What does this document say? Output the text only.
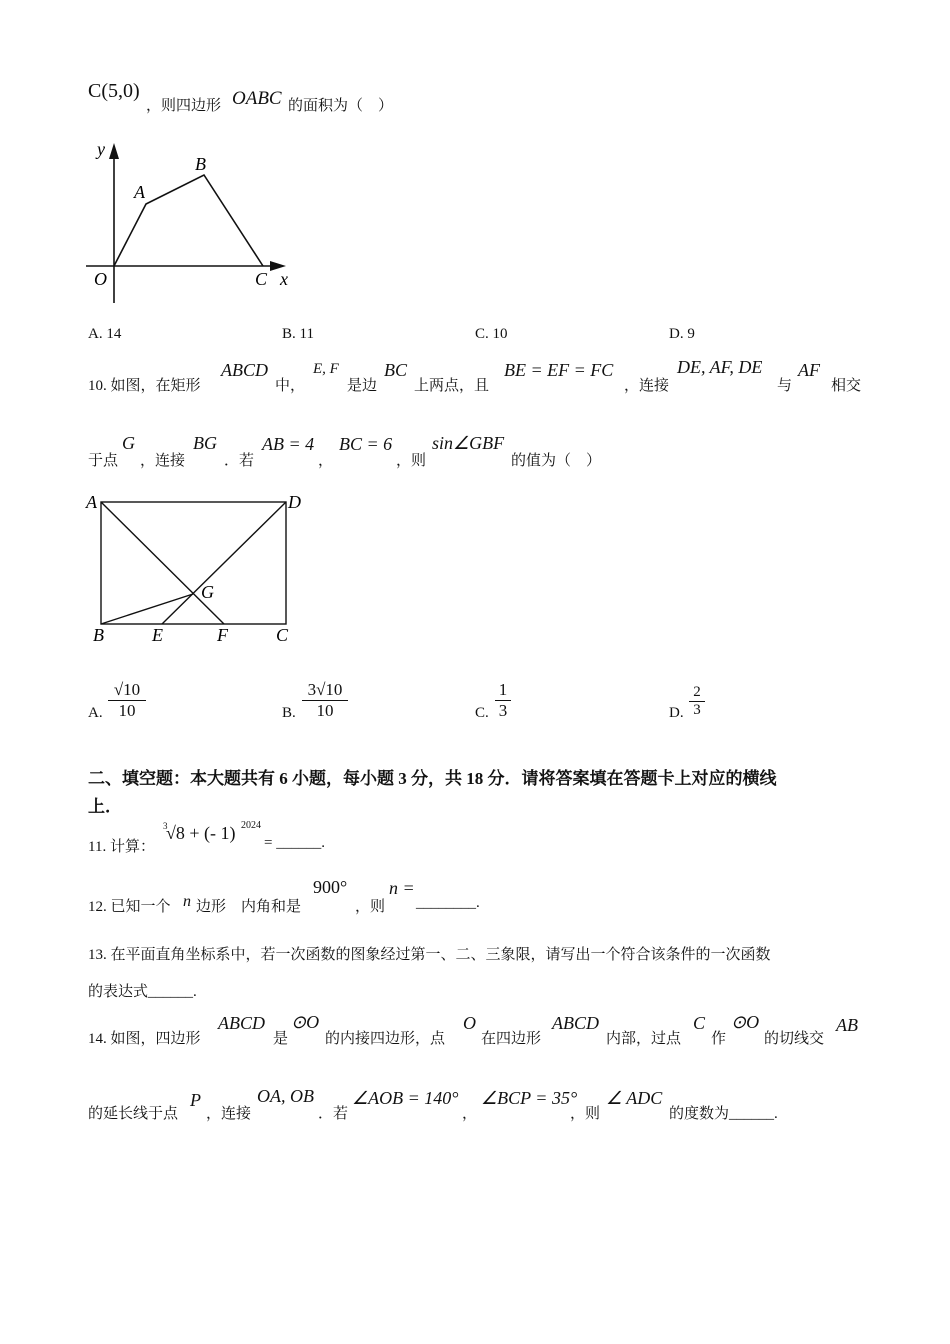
C(5,0)
，则四边形 OABC 的面积为（　）
y
x
O
A
B
C
A. 14	B. 11	C. 10	D. 9
10. 如图，在矩形
ABCD
中，
E, F
是边
BC
上两点，且
BE = EF = FC
，连接
DE, AF, DE
与
AF
相交
于点
G
，连接
BG
．若
AB = 4
，
BC = 6
，则
sin∠GBF
的值为（　）
A	D
B	E	F	C
G
A. $\frac{√10}{10}$	B. $\frac{3√10}{10}$	C. $\frac{1}{3}$	D. $\frac{2}{3}$
二、填空题：本大题共有 6 小题，每小题 3 分，共 18 分．请将答案填在答题卡上对应的横线
上．
11. 计算：
3
√8 + (- 1) 2024
= ______.
12. 已知一个 n 边形　内角和是
900°
，则
n =
________.
13. 在平面直角坐标系中，若一次函数的图象经过第一、二、三象限，请写出一个符合该条件的一次函数
的表达式______.
14. 如图，四边形
ABCD
是
⊙O
的内接四边形，点
O
在四边形
ABCD
内部，过点
C
作
⊙O
的切线交
AB
的延长线于点
P
，连接
OA, OB
．若
∠AOB = 140°
，
∠BCP = 35°
，则
∠ ADC
的度数为______.
